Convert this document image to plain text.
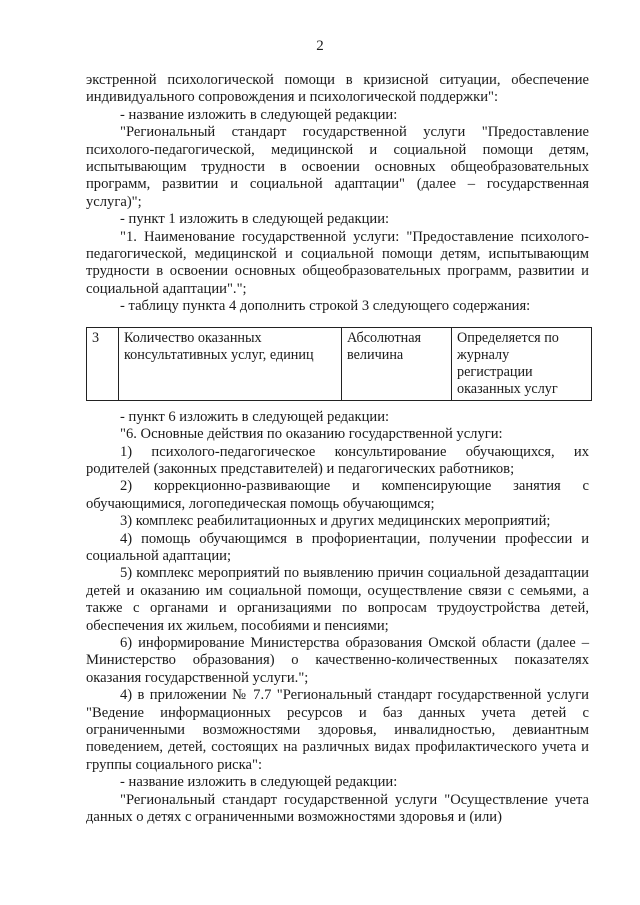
2

экстренной психологической помощи в кризисной ситуации, обеспечение индивидуального сопровождения и психологической поддержки":

- название изложить в следующей редакции:

"Региональный стандарт государственной услуги "Предоставление психолого-педагогической, медицинской и социальной помощи детям, испытывающим трудности в освоении основных общеобразовательных программ, развитии и социальной адаптации" (далее – государственная услуга)";

- пункт 1 изложить в следующей редакции:

"1. Наименование государственной услуги: "Предоставление психолого-педагогической, медицинской и социальной помощи детям, испытывающим трудности в освоении основных общеобразовательных программ, развитии и социальной адаптации".";

- таблицу пункта 4 дополнить строкой 3 следующего содержания:

3	Количество оказанных консультативных услуг, единиц	Абсолютная величина	Определяется по журналу регистрации оказанных услуг

- пункт 6 изложить в следующей редакции:

"6. Основные действия по оказанию государственной услуги:

1) психолого-педагогическое консультирование обучающихся, их родителей (законных представителей) и педагогических работников;

2) коррекционно-развивающие и компенсирующие занятия с обучающимися, логопедическая помощь обучающимся;

3) комплекс реабилитационных и других медицинских мероприятий;

4) помощь обучающимся в профориентации, получении профессии и социальной адаптации;

5) комплекс мероприятий по выявлению причин социальной дезадаптации детей и оказанию им социальной помощи, осуществление связи с семьями, а также с органами и организациями по вопросам трудоустройства детей, обеспечения их жильем, пособиями и пенсиями;

6) информирование Министерства образования Омской области (далее – Министерство образования) о качественно-количественных показателях оказания государственной услуги.";

4) в приложении № 7.7 "Региональный стандарт государственной услуги "Ведение информационных ресурсов и баз данных учета детей с ограниченными возможностями здоровья, инвалидностью, девиантным поведением, детей, состоящих на различных видах профилактического учета и группы социального риска":

- название изложить в следующей редакции:

"Региональный стандарт государственной услуги "Осуществление учета данных о детях с ограниченными возможностями здоровья и (или)
